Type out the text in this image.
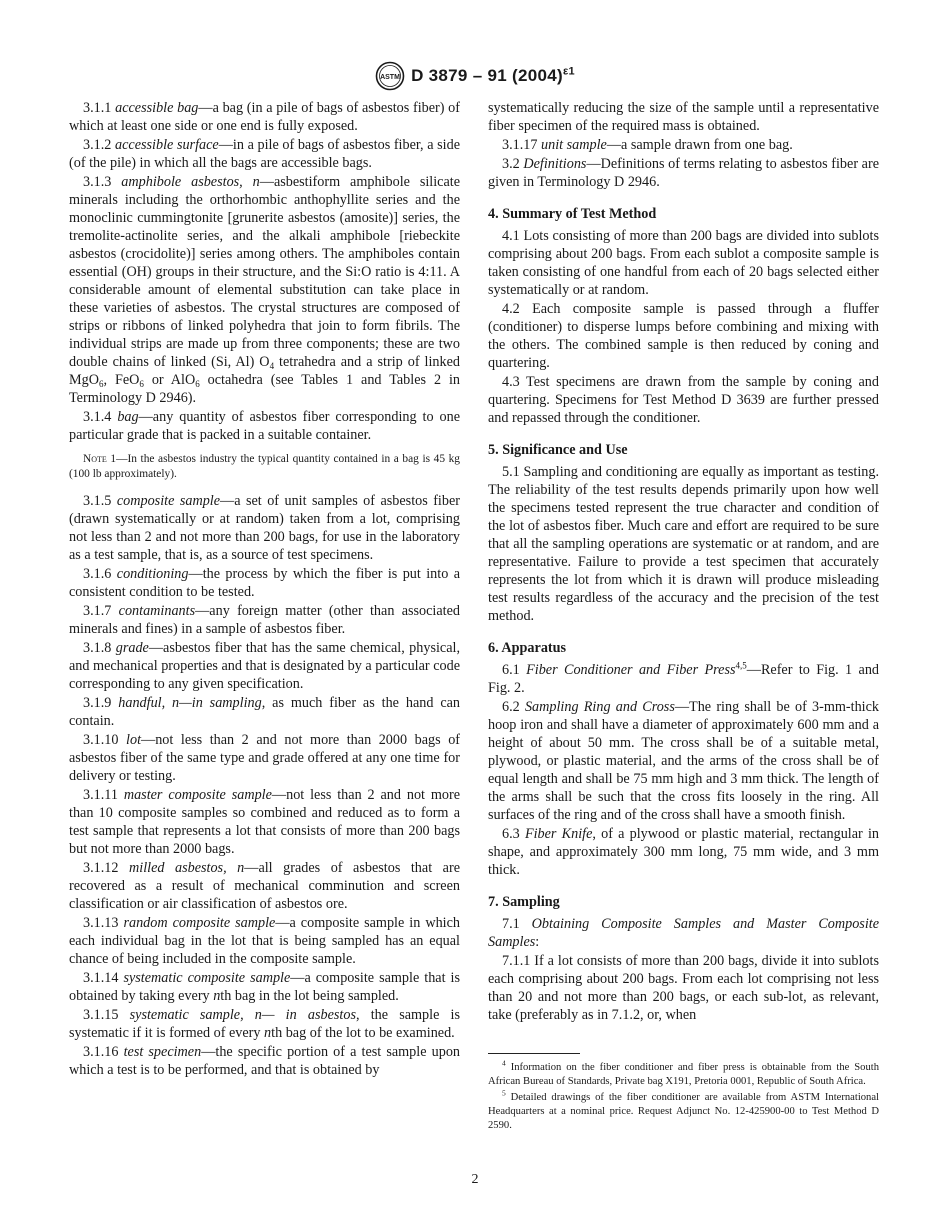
ASTM D 3879 – 91 $(2004)^{\varepsilon 1}$

3.1.1 accessible bag—a bag (in a pile of bags of asbestos fiber) of which at least one side or one end is fully exposed.

3.1.2 accessible surface—in a pile of bags of asbestos fiber, a side (of the pile) in which all the bags are accessible bags.

3.1.3 amphibole asbestos, n—asbestiform amphibole silicate minerals including the orthorhombic anthophyllite series and the monoclinic cummingtonite [grunerite asbestos (amosite)] series, the tremolite-actinolite series, and the alkali amphibole [riebeckite asbestos (crocidolite)] series among others. The amphiboles contain essential (OH) groups in their structure, and the Si:O ratio is 4:11. A considerable amount of elemental substitution can take place in these varieties of asbestos. The crystal structures are composed of strips or ribbons of linked polyhedra that join to form fibrils. The individual strips are made up from three components; these are two double chains of linked (Si, Al) $O_4$ tetrahedra and a strip of linked MgO$_6$, FeO$_6$ or AlO$_6$ octahedra (see Tables 1 and Tables 2 in Terminology D 2946).

3.1.4 bag—any quantity of asbestos fiber corresponding to one particular grade that is packed in a suitable container.

Note 1—In the asbestos industry the typical quantity contained in a bag is 45 kg (100 lb approximately).

3.1.5 composite sample—a set of unit samples of asbestos fiber (drawn systematically or at random) taken from a lot, comprising not less than 2 and not more than 200 bags, for use in the laboratory as a test sample, that is, as a source of test specimens.

3.1.6 conditioning—the process by which the fiber is put into a consistent condition to be tested.

3.1.7 contaminants—any foreign matter (other than associated minerals and fines) in a sample of asbestos fiber.

3.1.8 grade—asbestos fiber that has the same chemical, physical, and mechanical properties and that is designated by a particular code corresponding to any given specification.

3.1.9 handful, n—in sampling, as much fiber as the hand can contain.

3.1.10 lot—not less than 2 and not more than 2000 bags of asbestos fiber of the same type and grade offered at any one time for delivery or testing.

3.1.11 master composite sample—not less than 2 and not more than 10 composite samples so combined and reduced as to form a test sample that represents a lot that consists of more than 200 bags but not more than 2000 bags.

3.1.12 milled asbestos, n—all grades of asbestos that are recovered as a result of mechanical comminution and screen classification or air classification of asbestos ore.

3.1.13 random composite sample—a composite sample in which each individual bag in the lot that is being sampled has an equal chance of being included in the composite sample.

3.1.14 systematic composite sample—a composite sample that is obtained by taking every nth bag in the lot being sampled.

3.1.15 systematic sample, n— in asbestos, the sample is systematic if it is formed of every nth bag of the lot to be examined.

3.1.16 test specimen—the specific portion of a test sample upon which a test is to be performed, and that is obtained by

systematically reducing the size of the sample until a representative fiber specimen of the required mass is obtained.

3.1.17 unit sample—a sample drawn from one bag.

3.2 Definitions—Definitions of terms relating to asbestos fiber are given in Terminology D 2946.

4. Summary of Test Method

4.1 Lots consisting of more than 200 bags are divided into sublots comprising about 200 bags. From each sublot a composite sample is taken consisting of one handful from each of 20 bags selected either systematically or at random.

4.2 Each composite sample is passed through a fluffer (conditioner) to disperse lumps before combining and mixing with the others. The combined sample is then reduced by coning and quartering.

4.3 Test specimens are drawn from the sample by coning and quartering. Specimens for Test Method D 3639 are further pressed and repassed through the conditioner.

5. Significance and Use

5.1 Sampling and conditioning are equally as important as testing. The reliability of the test results depends primarily upon how well the specimens tested represent the true character and condition of the lot of asbestos fiber. Much care and effort are required to be sure that all the sampling operations are systematic or at random, and are representative. Failure to provide a test specimen that accurately represents the lot from which it is drawn will produce misleading test results regardless of the accuracy and the precision of the test method.

6. Apparatus

6.1 Fiber Conditioner and Fiber Press$^{4,5}$—Refer to Fig. 1 and Fig. 2.

6.2 Sampling Ring and Cross—The ring shall be of 3-mm-thick hoop iron and shall have a diameter of approximately 600 mm and a height of about 50 mm. The cross shall be of a suitable metal, plywood, or plastic material, and the arms of the cross shall be of equal length and shall be 75 mm high and 3 mm thick. The length of the arms shall be such that the cross fits loosely in the ring. All surfaces of the ring and of the cross shall have a smooth finish.

6.3 Fiber Knife, of a plywood or plastic material, rectangular in shape, and approximately 300 mm long, 75 mm wide, and 3 mm thick.

7. Sampling

7.1 Obtaining Composite Samples and Master Composite Samples:

7.1.1 If a lot consists of more than 200 bags, divide it into sublots each comprising about 200 bags. From each lot comprising not less than 20 and not more than 200 bags, or each sub-lot, as relevant, take (preferably as in 7.1.2, or, when

$^4$ Information on the fiber conditioner and fiber press is obtainable from the South African Bureau of Standards, Private bag X191, Pretoria 0001, Republic of South Africa.

$^5$ Detailed drawings of the fiber conditioner are available from ASTM International Headquarters at a nominal price. Request Adjunct No. 12-425900-00 to Test Method D 2590.

2
